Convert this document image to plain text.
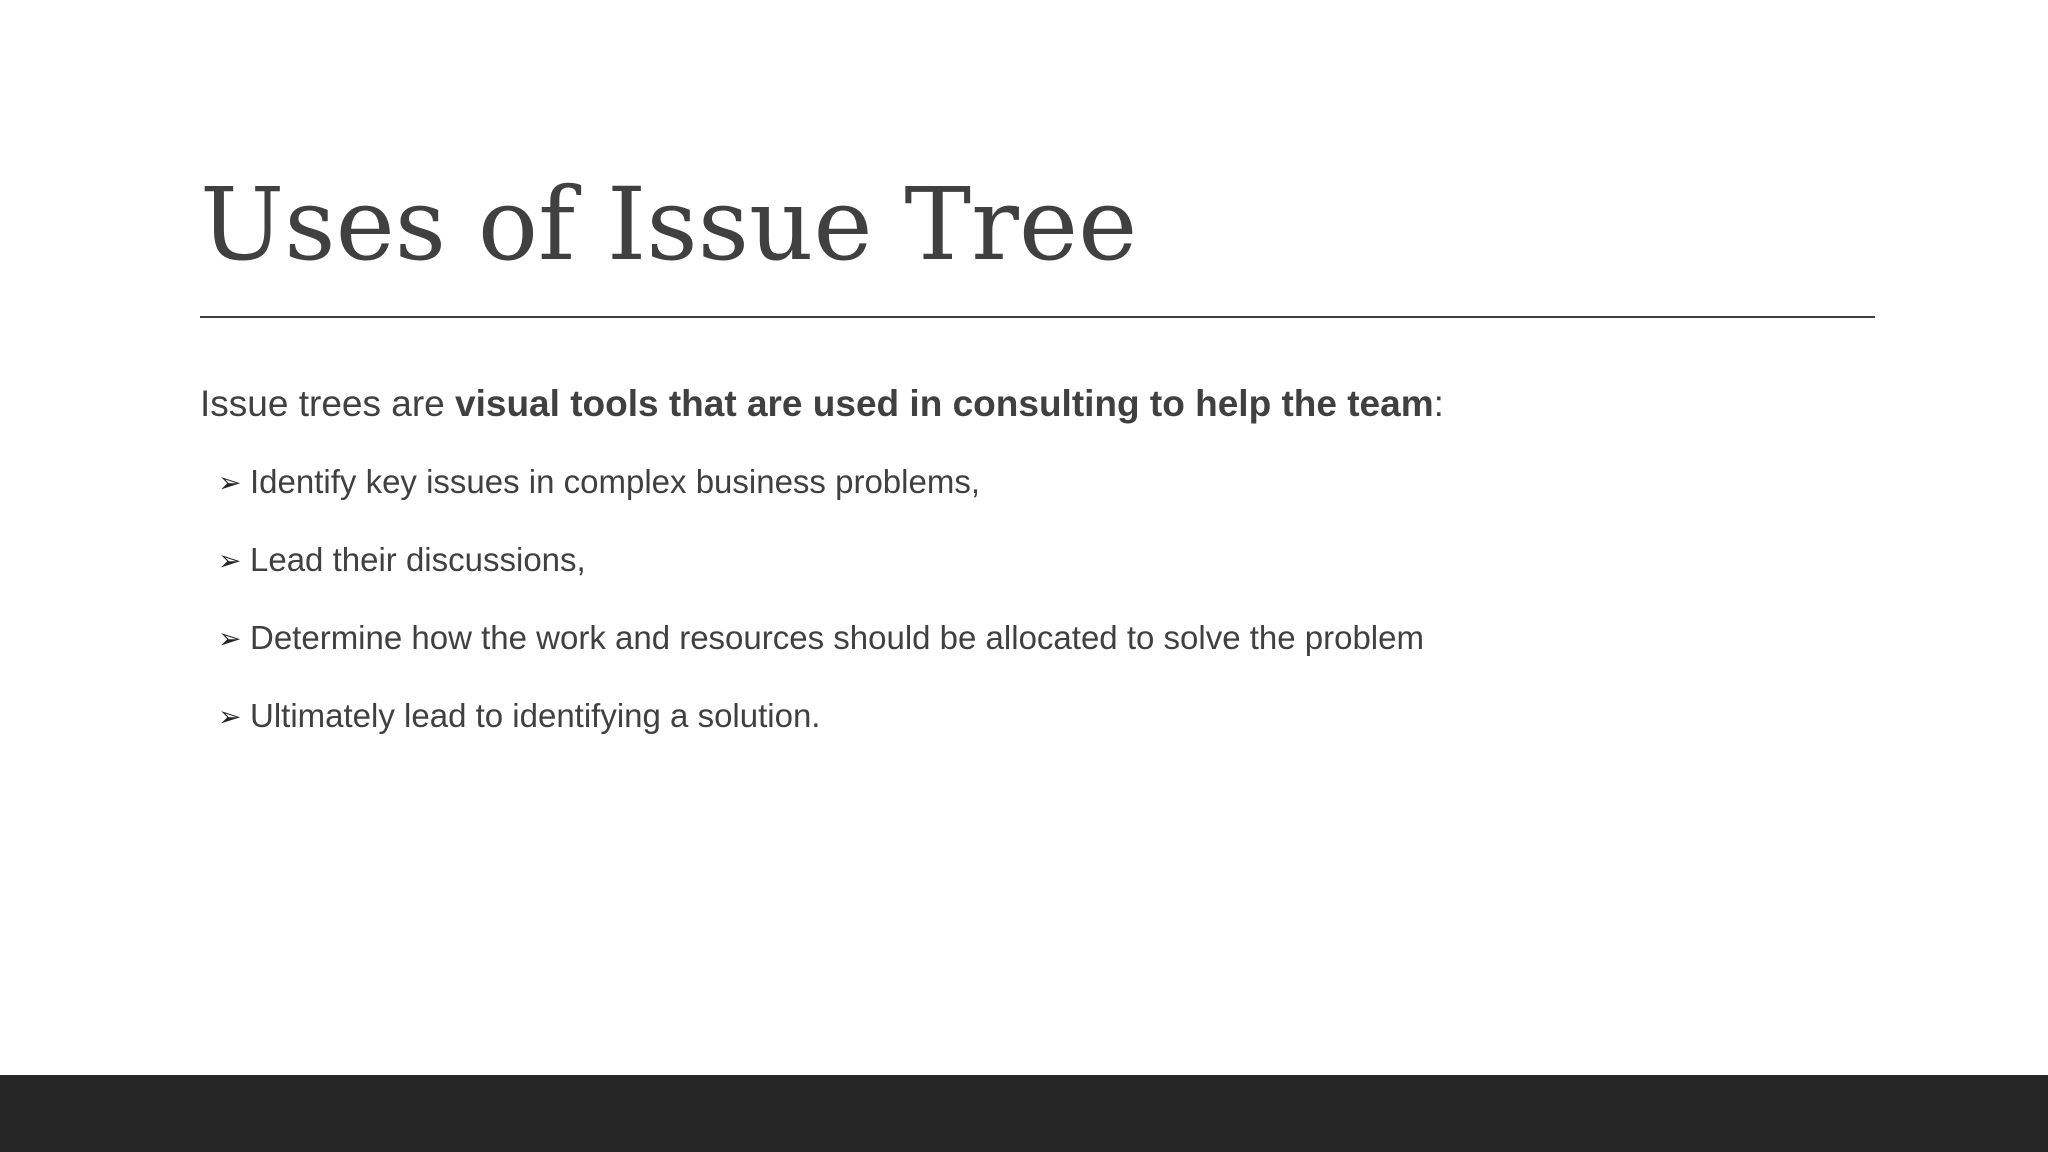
Uses of Issue Tree

Issue trees are visual tools that are used in consulting to help the team:

➢ Identify key issues in complex business problems,
➢ Lead their discussions,
➢ Determine how the work and resources should be allocated to solve the problem
➢ Ultimately lead to identifying a solution.
